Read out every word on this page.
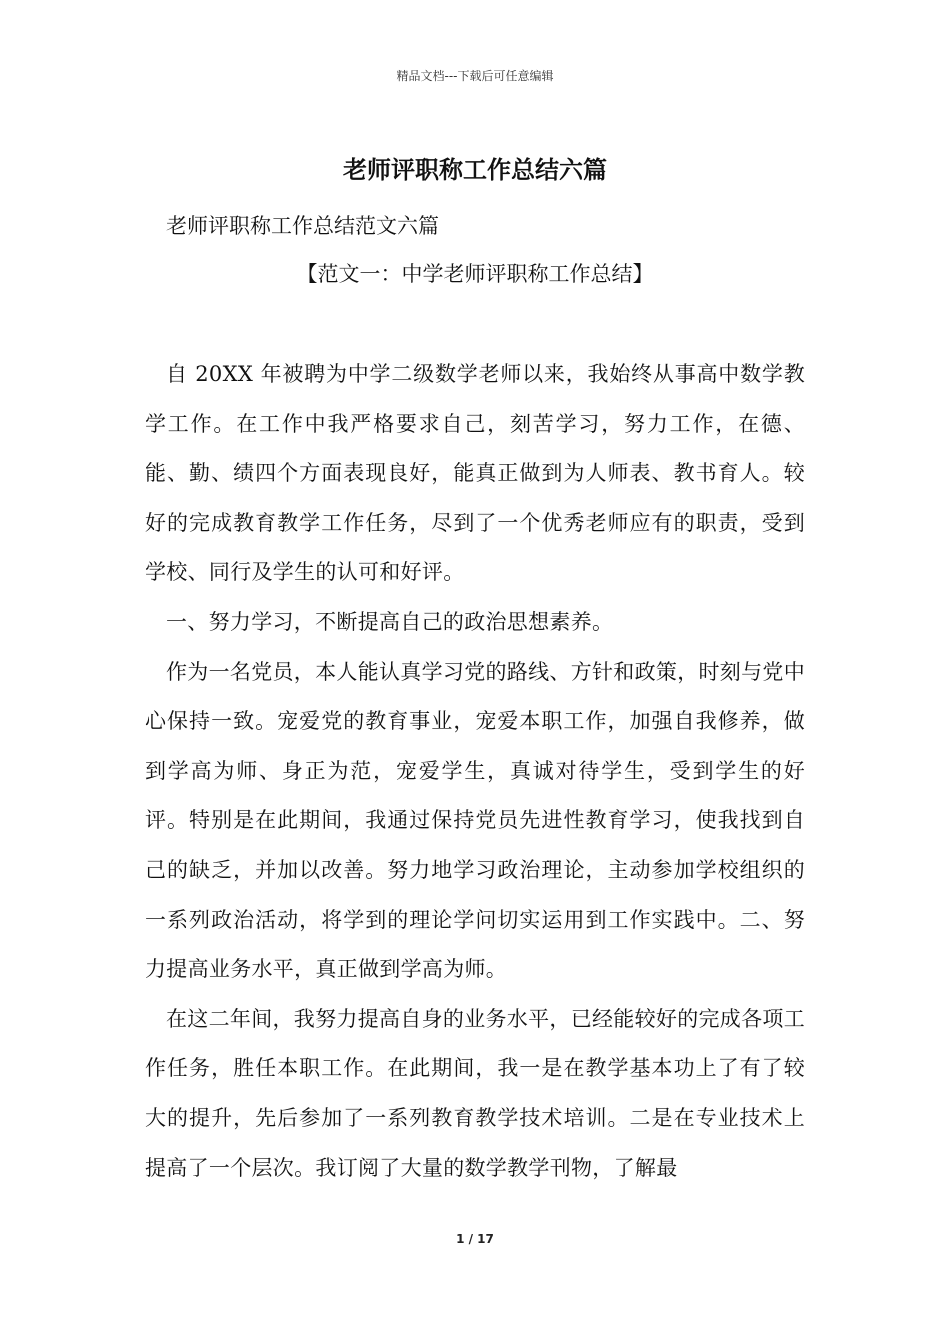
精品文档---下载后可任意编辑
老师评职称工作总结六篇
老师评职称工作总结范文六篇
【范文一：中学老师评职称工作总结】

自 20XX 年被聘为中学二级数学老师以来，我始终从事高中数学教学工作。在工作中我严格要求自己，刻苦学习，努力工作，在德、能、勤、绩四个方面表现良好，能真正做到为人师表、教书育人。较好的完成教育教学工作任务，尽到了一个优秀老师应有的职责，受到学校、同行及学生的认可和好评。

一、努力学习，不断提高自己的政治思想素养。

作为一名党员，本人能认真学习党的路线、方针和政策，时刻与党中心保持一致。宠爱党的教育事业，宠爱本职工作，加强自我修养，做到学高为师、身正为范，宠爱学生，真诚对待学生，受到学生的好评。特别是在此期间，我通过保持党员先进性教育学习，使我找到自己的缺乏，并加以改善。努力地学习政治理论，主动参加学校组织的一系列政治活动，将学到的理论学问切实运用到工作实践中。二、努力提高业务水平，真正做到学高为师。

在这二年间，我努力提高自身的业务水平，已经能较好的完成各项工作任务，胜任本职工作。在此期间，我一是在教学基本功上了有了较大的提升，先后参加了一系列教育教学技术培训。二是在专业技术上提高了一个层次。我订阅了大量的数学教学刊物，了解最

1 / 17
